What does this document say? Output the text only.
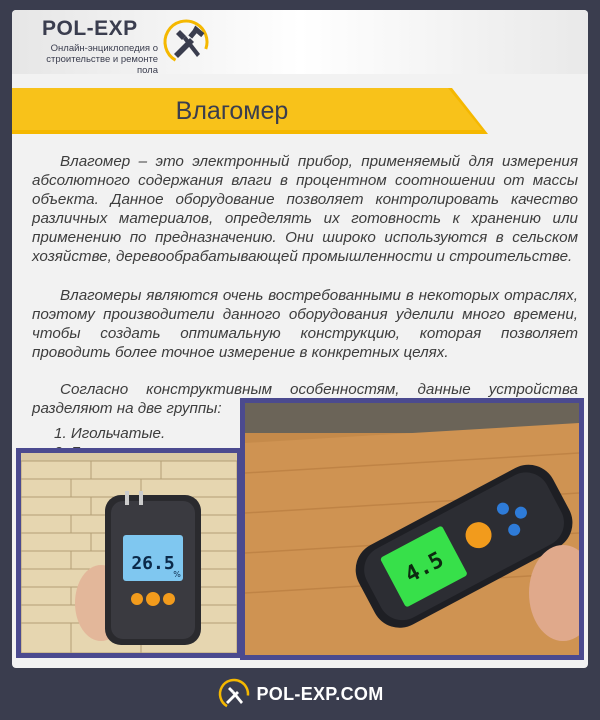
POL-EXP
Онлайн-энциклопедия о строительстве и ремонте пола
Влагомер
Влагомер – это электронный прибор, применяемый для измерения абсолютного содержания влаги в процентном соотношении от массы объекта. Данное оборудование позволяет контролировать качество различных материалов, определять их готовность к хранению или применению по предназначению. Они широко используются в сельском хозяйстве, деревообрабатывающей промышленности и строительстве.
Влагомеры являются очень востребованными в некоторых отраслях, поэтому производители данного оборудования уделили много времени, чтобы создать оптимальную конструкцию, которая позволяет проводить более точное измерение в конкретных целях.
Согласно конструктивным особенностям, данные устройства разделяют на две группы:
1. Игольчатые.
26.5
%	4.5
POL-EXP.COM
